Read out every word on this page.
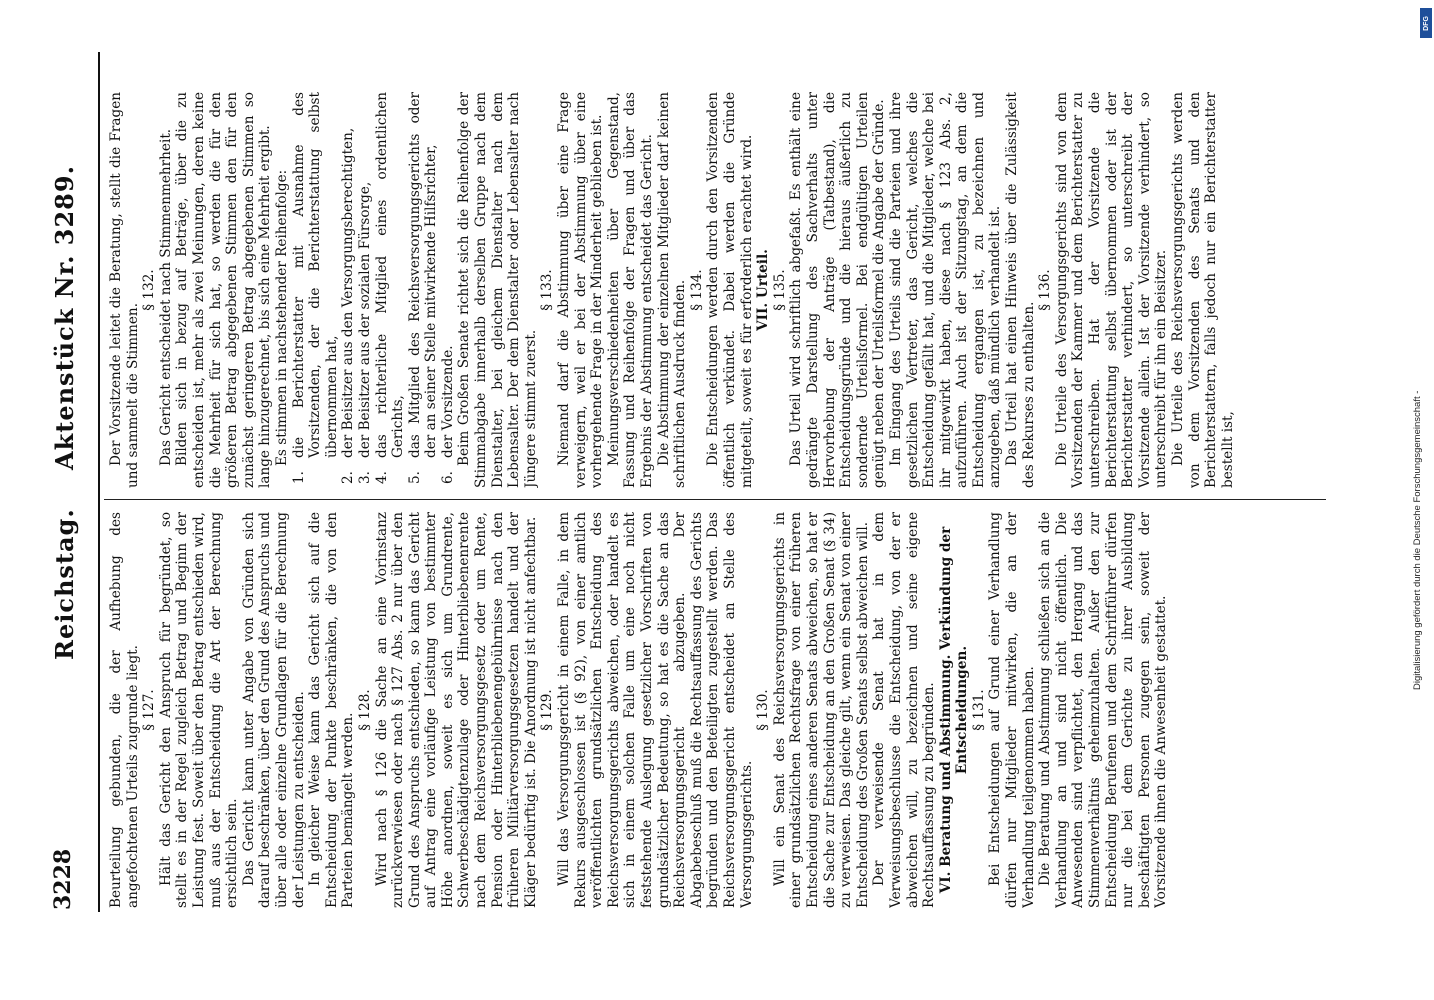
3228
Reichstag.
Aktenstück Nr. 3289.

Beurteilung gebunden, die der Aufhebung des angefochtenen Urteils zugrunde liegt. § 127. Hält das Gericht den Anspruch für begründet, so stellt es in der Regel zugleich Betrag und Beginn der Leistung fest. Soweit über den Betrag entschieden wird, muß aus der Entscheidung die Art der Berechnung ersichtlich sein. Das Gericht kann unter Angabe von Gründen sich darauf beschränken, über den Grund des Anspruchs und über alle oder einzelne Grundlagen für die Berechnung der Leistungen zu entscheiden. In gleicher Weise kann das Gericht sich auf die Entscheidung der Punkte beschränken, die von den Parteien bemängelt werden.

§ 128. Wird nach § 126 die Sache an eine Vorinstanz zurückverwiesen oder nach § 127 Abs. 2 nur über den Grund des Anspruchs entschieden, so kann das Gericht auf Antrag eine vorläufige Leistung von bestimmter Höhe anordnen, soweit es sich um Grundrente, Schwerbeschädigtenzulage oder Hinterbliebenenrente nach dem Reichsversorgungsgesetz oder um Rente, Pension oder Hinterbliebenengebührnisse nach den früheren Militärversorgungsgesetzen handelt und der Kläger bedürftig ist. Die Anordnung ist nicht anfechtbar. § 129. Will das Versorgungsgericht in einem Falle, in dem Rekurs ausgeschlossen ist (§ 92), von einer amtlich veröffentlichten grundsätzlichen Entscheidung des Reichsversorgungsgerichts abweichen, oder handelt es sich in einem solchen Falle um eine noch nicht feststehende Auslegung gesetzlicher Vorschriften von grundsätzlicher Bedeutung, so hat es die Sache an das Reichsversorgungsgericht abzugeben. Der Abgabebeschluß muß die Rechtsauffassung des Gerichts begründen und den Beteiligten zugestellt werden. Das Reichsversorgungsgericht entscheidet an Stelle des Versorgungsgerichts.

§ 130. Will ein Senat des Reichsversorgungsgerichts in einer grundsätzlichen Rechtsfrage von einer früheren Entscheidung eines anderen Senats abweichen, so hat er die Sache zur Entscheidung an den Großen Senat (§ 34) zu verweisen. Das gleiche gilt, wenn ein Senat von einer Entscheidung des Großen Senats selbst abweichen will. Der verweisende Senat hat in dem Verweisungsbeschlusse die Entscheidung, von der er abweichen will, zu bezeichnen und seine eigene Rechtsauffassung zu begründen. VI. Beratung und Abstimmung. Verkündung der Entscheidungen. § 131. Bei Entscheidungen auf Grund einer Verhandlung dürfen nur Mitglieder mitwirken, die an der Verhandlung teilgenommen haben. Die Beratung und Abstimmung schließen sich an die Verhandlung an und sind nicht öffentlich. Die Anwesenden sind verpflichtet, den Hergang und das Stimmenverhältnis geheimzuhalten. Außer den zur Entscheidung Berufenen und dem Schriftführer dürfen nur die bei dem Gerichte zu ihrer Ausbildung beschäftigten Personen zugegen sein, soweit der Vorsitzende ihnen die Anwesenheit gestattet.

Der Vorsitzende leitet die Beratung, stellt die Fragen und sammelt die Stimmen.

§ 132. Das Gericht entscheidet nach Stimmenmehrheit. Bilden sich in bezug auf Beträge, über die zu entscheiden ist, mehr als zwei Meinungen, deren keine die Mehrheit für sich hat, so werden die für den größeren Betrag abgegebenen Stimmen den für den zunächst geringeren Betrag abgegebenen Stimmen so lange hinzugerechnet, bis sich eine Mehrheit ergibt. Es stimmen in nachstehender Reihenfolge:

1.
die Berichterstatter mit Ausnahme des Vorsitzenden, der die Berichterstattung selbst übernommen hat,
2.
der Beisitzer aus den Versorgungsberechtigten,
3.
der Beisitzer aus der sozialen Fürsorge,
4.
das richterliche Mitglied eines ordentlichen Gerichts,
5.
das Mitglied des Reichsversorgungsgerichts oder der an seiner Stelle mitwirkende Hilfsrichter,
6.
der Vorsitzende. Beim Großen Senate richtet sich die Reihenfolge der Stimmabgabe innerhalb derselben Gruppe nach dem Dienstalter, bei gleichem Dienstalter nach dem Lebensalter. Der dem Dienstalter oder Lebensalter nach Jüngere stimmt zuerst.

§ 133. Niemand darf die Abstimmung über eine Frage verweigern, weil er bei der Abstimmung über eine vorhergehende Frage in der Minderheit geblieben ist. Meinungsverschiedenheiten über Gegenstand, Fassung und Reihenfolge der Fragen und über das Ergebnis der Abstimmung entscheidet das Gericht. Die Abstimmung der einzelnen Mitglieder darf keinen schriftlichen Ausdruck finden. § 134. Die Entscheidungen werden durch den Vorsitzenden öffentlich verkündet. Dabei werden die Gründe mitgeteilt, soweit es für erforderlich erachtet wird. VII. Urteil. § 135. Das Urteil wird schriftlich abgefaßt. Es enthält eine gedrängte Darstellung des Sachverhalts unter Hervorhebung der Anträge (Tatbestand), die Entscheidungsgründe und die hieraus äußerlich zu sondernde Urteilsformel. Bei endgültigen Urteilen genügt neben der Urteilsformel die Angabe der Gründe. Im Eingang des Urteils sind die Parteien und ihre gesetzlichen Vertreter, das Gericht, welches die Entscheidung gefällt hat, und die Mitglieder, welche bei ihr mitgewirkt haben, diese nach § 123 Abs. 2, aufzuführen. Auch ist der Sitzungstag, an dem die Entscheidung ergangen ist, zu bezeichnen und anzugeben, daß mündlich verhandelt ist. Das Urteil hat einen Hinweis über die Zulässigkeit des Rekurses zu enthalten.

§ 136. Die Urteile des Versorgungsgerichts sind von dem Vorsitzenden der Kammer und dem Berichterstatter zu unterschreiben. Hat der Vorsitzende die Berichterstattung selbst übernommen oder ist der Berichterstatter verhindert, so unterschreibt der Vorsitzende allein. Ist der Vorsitzende verhindert, so unterschreibt für ihn ein Beisitzer. Die Urteile des Reichsversorgungsgerichts werden von dem Vorsitzenden des Senats und den Berichterstattern, falls jedoch nur ein Berichterstatter bestellt ist,	Digitalisierung gefördert durch die Deutsche Forschungsgemeinschaft -
DFG
